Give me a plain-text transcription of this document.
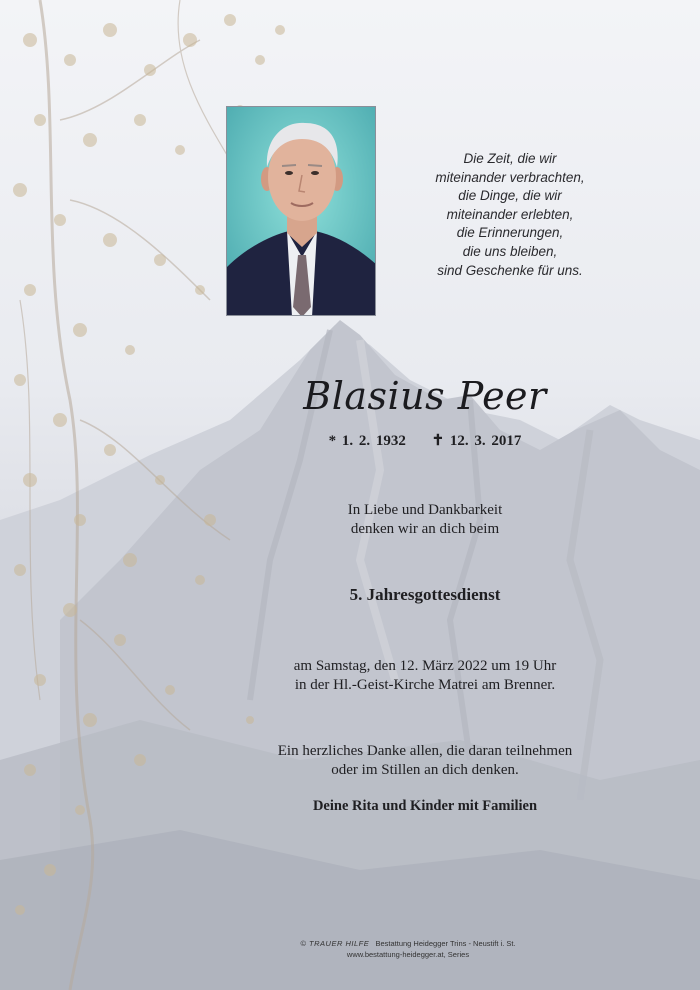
Die Zeit, die wir
miteinander verbrachten,
die Dinge, die wir
miteinander erlebten,
die Erinnerungen,
die uns bleiben,
sind Geschenke für uns.
Blasius Peer
* 1. 2. 1932 ✝ 12. 3. 2017
In Liebe und Dankbarkeit
denken wir an dich beim
5. Jahresgottesdienst
am Samstag, den 12. März 2022 um 19 Uhr
in der Hl.-Geist-Kirche Matrei am Brenner.
Ein herzliches Danke allen, die daran teilnehmen
oder im Stillen an dich denken.
Deine Rita und Kinder mit Familien
© TRAUER HILFE Bestattung Heidegger Trins - Neustift i. St.
www.bestattung-heidegger.at, Series
